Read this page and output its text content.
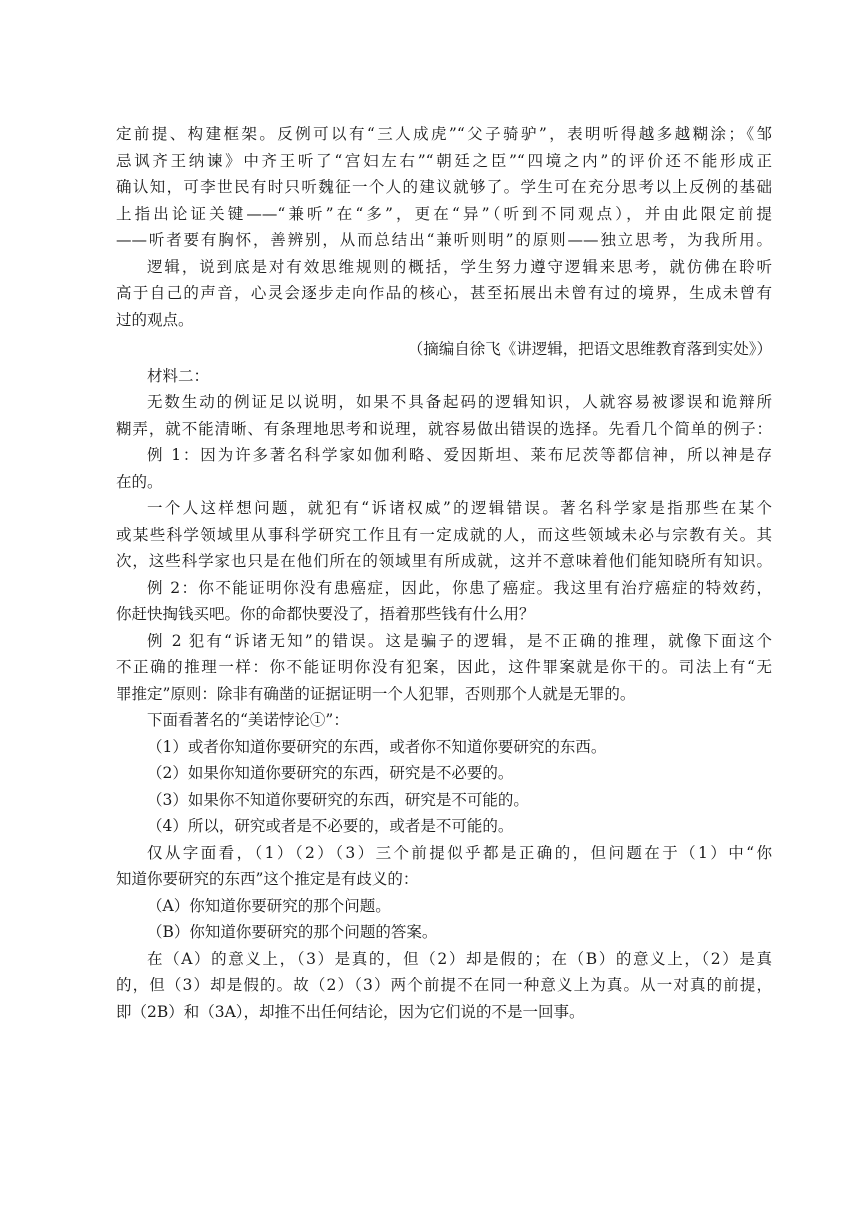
定前提、构建框架。反例可以有“三人成虎”“父子骑驴”，表明听得越多越糊涂；《邹
忌讽齐王纳谏》中齐王听了“宫妇左右”“朝廷之臣”“四境之内”的评价还不能形成正
确认知，可李世民有时只听魏征一个人的建议就够了。学生可在充分思考以上反例的基础
上指出论证关键——“兼听”在“多”，更在“异”（听到不同观点），并由此限定前提
——听者要有胸怀，善辨别，从而总结出“兼听则明”的原则——独立思考，为我所用。
逻辑，说到底是对有效思维规则的概括，学生努力遵守逻辑来思考，就仿佛在聆听
高于自己的声音，心灵会逐步走向作品的核心，甚至拓展出未曾有过的境界，生成未曾有
过的观点。
（摘编自徐飞《讲逻辑，把语文思维教育落到实处》）
材料二：
无数生动的例证足以说明，如果不具备起码的逻辑知识，人就容易被谬误和诡辩所
糊弄，就不能清晰、有条理地思考和说理，就容易做出错误的选择。先看几个简单的例子：
例 1：因为许多著名科学家如伽利略、爱因斯坦、莱布尼茨等都信神，所以神是存
在的。
一个人这样想问题，就犯有“诉诸权威”的逻辑错误。著名科学家是指那些在某个
或某些科学领域里从事科学研究工作且有一定成就的人，而这些领域未必与宗教有关。其
次，这些科学家也只是在他们所在的领域里有所成就，这并不意味着他们能知晓所有知识。
例 2：你不能证明你没有患癌症，因此，你患了癌症。我这里有治疗癌症的特效药，
你赶快掏钱买吧。你的命都快要没了，捂着那些钱有什么用？
例 2 犯有“诉诸无知”的错误。这是骗子的逻辑，是不正确的推理，就像下面这个
不正确的推理一样：你不能证明你没有犯案，因此，这件罪案就是你干的。司法上有“无
罪推定”原则：除非有确凿的证据证明一个人犯罪，否则那个人就是无罪的。
下面看著名的“美诺悖论①”：
（1）或者你知道你要研究的东西，或者你不知道你要研究的东西。
（2）如果你知道你要研究的东西，研究是不必要的。
（3）如果你不知道你要研究的东西，研究是不可能的。
（4）所以，研究或者是不必要的，或者是不可能的。
仅从字面看，（1）（2）（3）三个前提似乎都是正确的，但问题在于（1）中“你
知道你要研究的东西”这个推定是有歧义的：
（A）你知道你要研究的那个问题。
（B）你知道你要研究的那个问题的答案。
在（A）的意义上，（3）是真的，但（2）却是假的；在（B）的意义上，（2）是真
的，但（3）却是假的。故（2）（3）两个前提不在同一种意义上为真。从一对真的前提，
即（2B）和（3A），却推不出任何结论，因为它们说的不是一回事。
